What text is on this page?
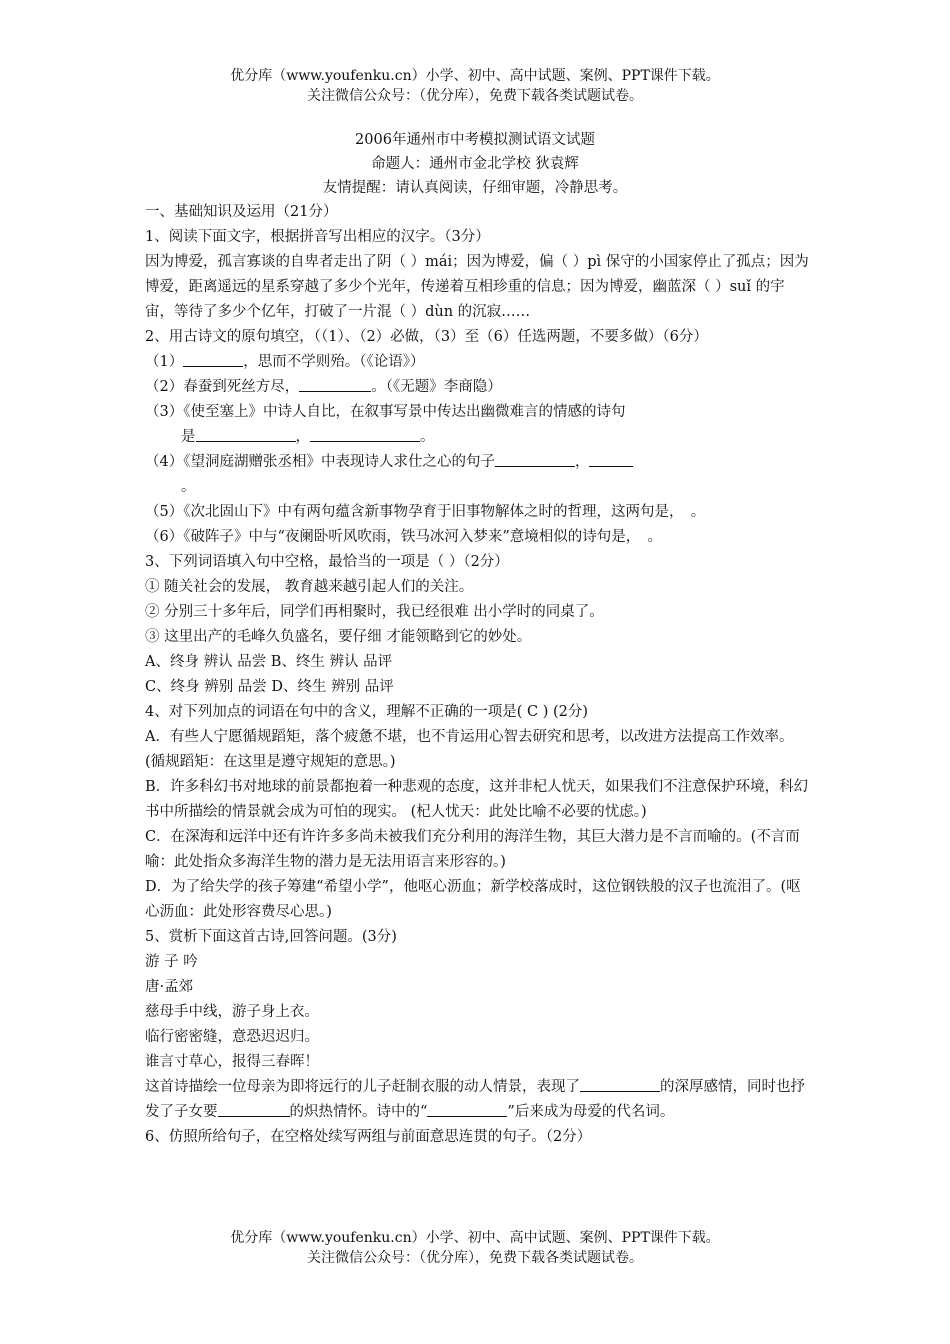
优分库（www.youfenku.cn）小学、初中、高中试题、案例、PPT课件下载。
关注微信公众号：（优分库），免费下载各类试题试卷。
2006年通州市中考模拟测试语文试题
命题人：通州市金北学校 狄袁辉
友情提醒：请认真阅读，仔细审题，冷静思考。

一、基础知识及运用（21分）

1、阅读下面文字，根据拼音写出相应的汉字。（3分）

因为博爱，孤言寡谈的自卑者走出了阴（ ）mái；因为博爱，偏（ ）pì 保守的小国家停止了孤点；因为博爱，距离遥远的星系穿越了多少个光年，传递着互相珍重的信息；因为博爱，幽蓝深（ ）suǐ 的宇宙，等待了多少个亿年，打破了一片混（ ）dùn 的沉寂……

2、用古诗文的原句填空，（（1）、（2）必做，（3）至（6）任选两题，不要多做）（6分）

（1）	，思而不学则殆。（《论语》）

（2）春蚕到死丝方尽，	。（《无题》李商隐）

（3）《使至塞上》中诗人自比，在叙事写景中传达出幽微难言的情感的诗句

是	，	。

（4）《望洞庭湖赠张丞相》中表现诗人求仕之心的句子	，

。

（5）《次北固山下》中有两句蕴含新事物孕育于旧事物解体之时的哲理，这两句是，　。

（6）《破阵子》中与“夜阑卧听风吹雨，铁马冰河入梦来”意境相似的诗句是，　。

3、下列词语填入句中空格，最恰当的一项是（ ）（2分）

① 随关社会的发展， 教育越来越引起人们的关注。

② 分别三十多年后，同学们再相聚时，我已经很难 出小学时的同桌了。

③ 这里出产的毛峰久负盛名，要仔细 才能领略到它的妙处。

A、终身 辨认 品尝 B、终生 辨认 品评

C、终身 辨别 品尝 D、终生 辨别 品评

4、对下列加点的词语在句中的含义，理解不正确的一项是( C ) (2分)

A．有些人宁愿循规蹈矩，落个疲惫不堪，也不肯运用心智去研究和思考，以改进方法提高工作效率。(循规蹈矩：在这里是遵守规矩的意思。)

B．许多科幻书对地球的前景都抱着一种悲观的态度，这并非杞人忧天，如果我们不注意保护环境，科幻书中所描绘的情景就会成为可怕的现实。 (杞人忧天：此处比喻不必要的忧虑。)

C．在深海和远洋中还有许许多多尚未被我们充分利用的海洋生物，其巨大潜力是不言而喻的。(不言而喻：此处指众多海洋生物的潜力是无法用语言来形容的。)

D．为了给失学的孩子筹建“希望小学”，他呕心沥血；新学校落成时，这位钢铁般的汉子也流泪了。(呕心沥血：此处形容费尽心思。)

5、赏析下面这首古诗,回答问题。(3分)

游 子 吟

唐·孟郊

慈母手中线，游子身上衣。

临行密密缝，意恐迟迟归。

谁言寸草心，报得三春晖！

这首诗描绘一位母亲为即将远行的儿子赶制衣服的动人情景，表现了	的深厚感情，同时也抒发了子女要	的炽热情怀。诗中的“	”后来成为母爱的代名词。

6、仿照所给句子，在空格处续写两组与前面意思连贯的句子。（2分）

优分库（www.youfenku.cn）小学、初中、高中试题、案例、PPT课件下载。
关注微信公众号：（优分库），免费下载各类试题试卷。
